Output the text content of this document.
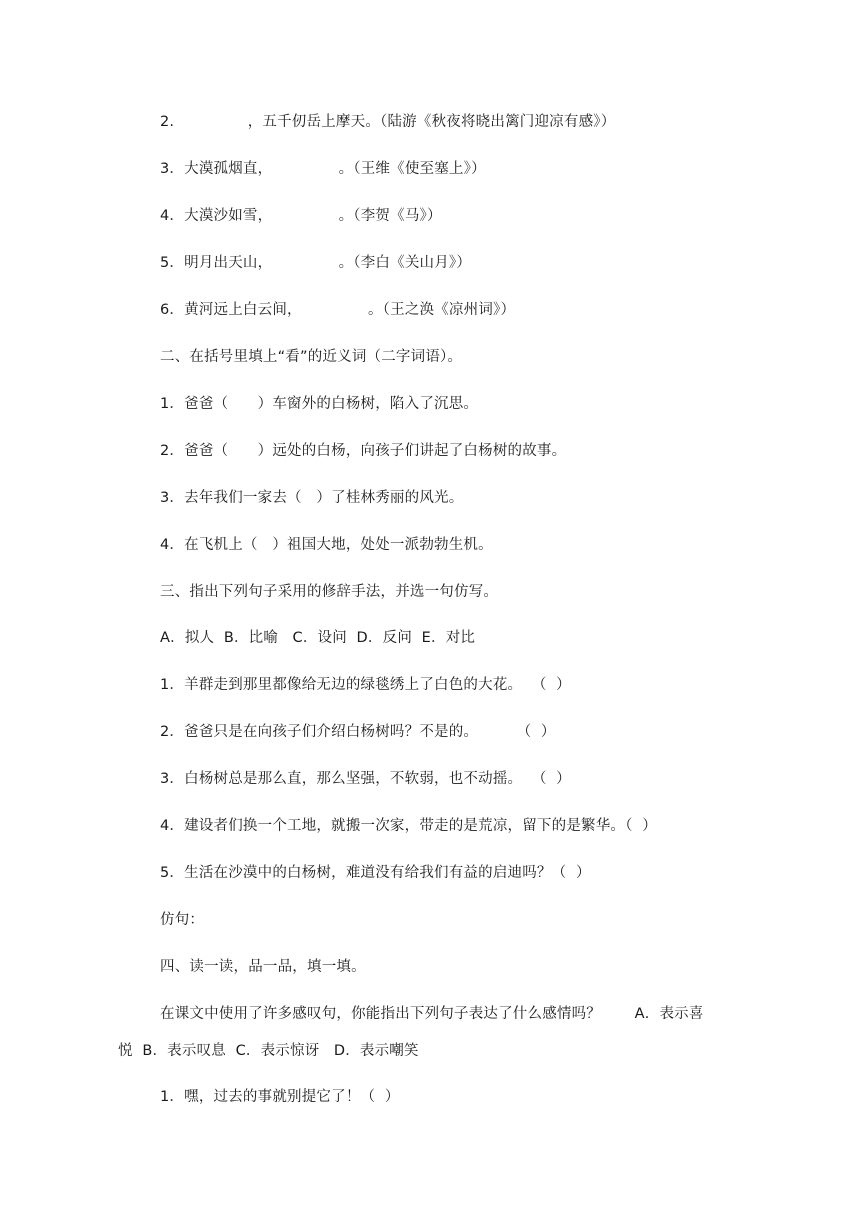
2.　　　　　，五千仞岳上摩天。（陆游《秋夜将晓出篱门迎凉有感》）
3．大漠孤烟直，　　　　　。（王维《使至塞上》）
4．大漠沙如雪，　　　　　。（李贺《马》）
5．明月出天山，　　　　　。（李白《关山月》）
6．黄河远上白云间，　　　　　。（王之涣《凉州词》）
二、在括号里填上“看”的近义词（二字词语）。
1．爸爸（　　）车窗外的白杨树，陷入了沉思。
2．爸爸（　　）远处的白杨，向孩子们讲起了白杨树的故事。
3．去年我们一家去（　）了桂林秀丽的风光。
4．在飞机上（　）祖国大地，处处一派勃勃生机。
三、指出下列句子采用的修辞手法，并选一句仿写。
A．拟人  B．比喻   C．设问  D．反问  E．对比
1．羊群走到那里都像给无边的绿毯绣上了白色的大花。  （  ）
2．爸爸只是在向孩子们介绍白杨树吗？不是的。        （  ）
3．白杨树总是那么直，那么坚强，不软弱，也不动摇。  （  ）
4．建设者们换一个工地，就搬一次家，带走的是荒凉，留下的是繁华。（  ）
5．生活在沙漠中的白杨树，难道没有给我们有益的启迪吗？（  ）
仿句：
四、读一读，品一品，填一填。
在课文中使用了许多感叹句，你能指出下列句子表达了什么感情吗？       A．表示喜
悦  B．表示叹息  C．表示惊讶   D．表示嘲笑
1．嘿，过去的事就别提它了！（  ）
